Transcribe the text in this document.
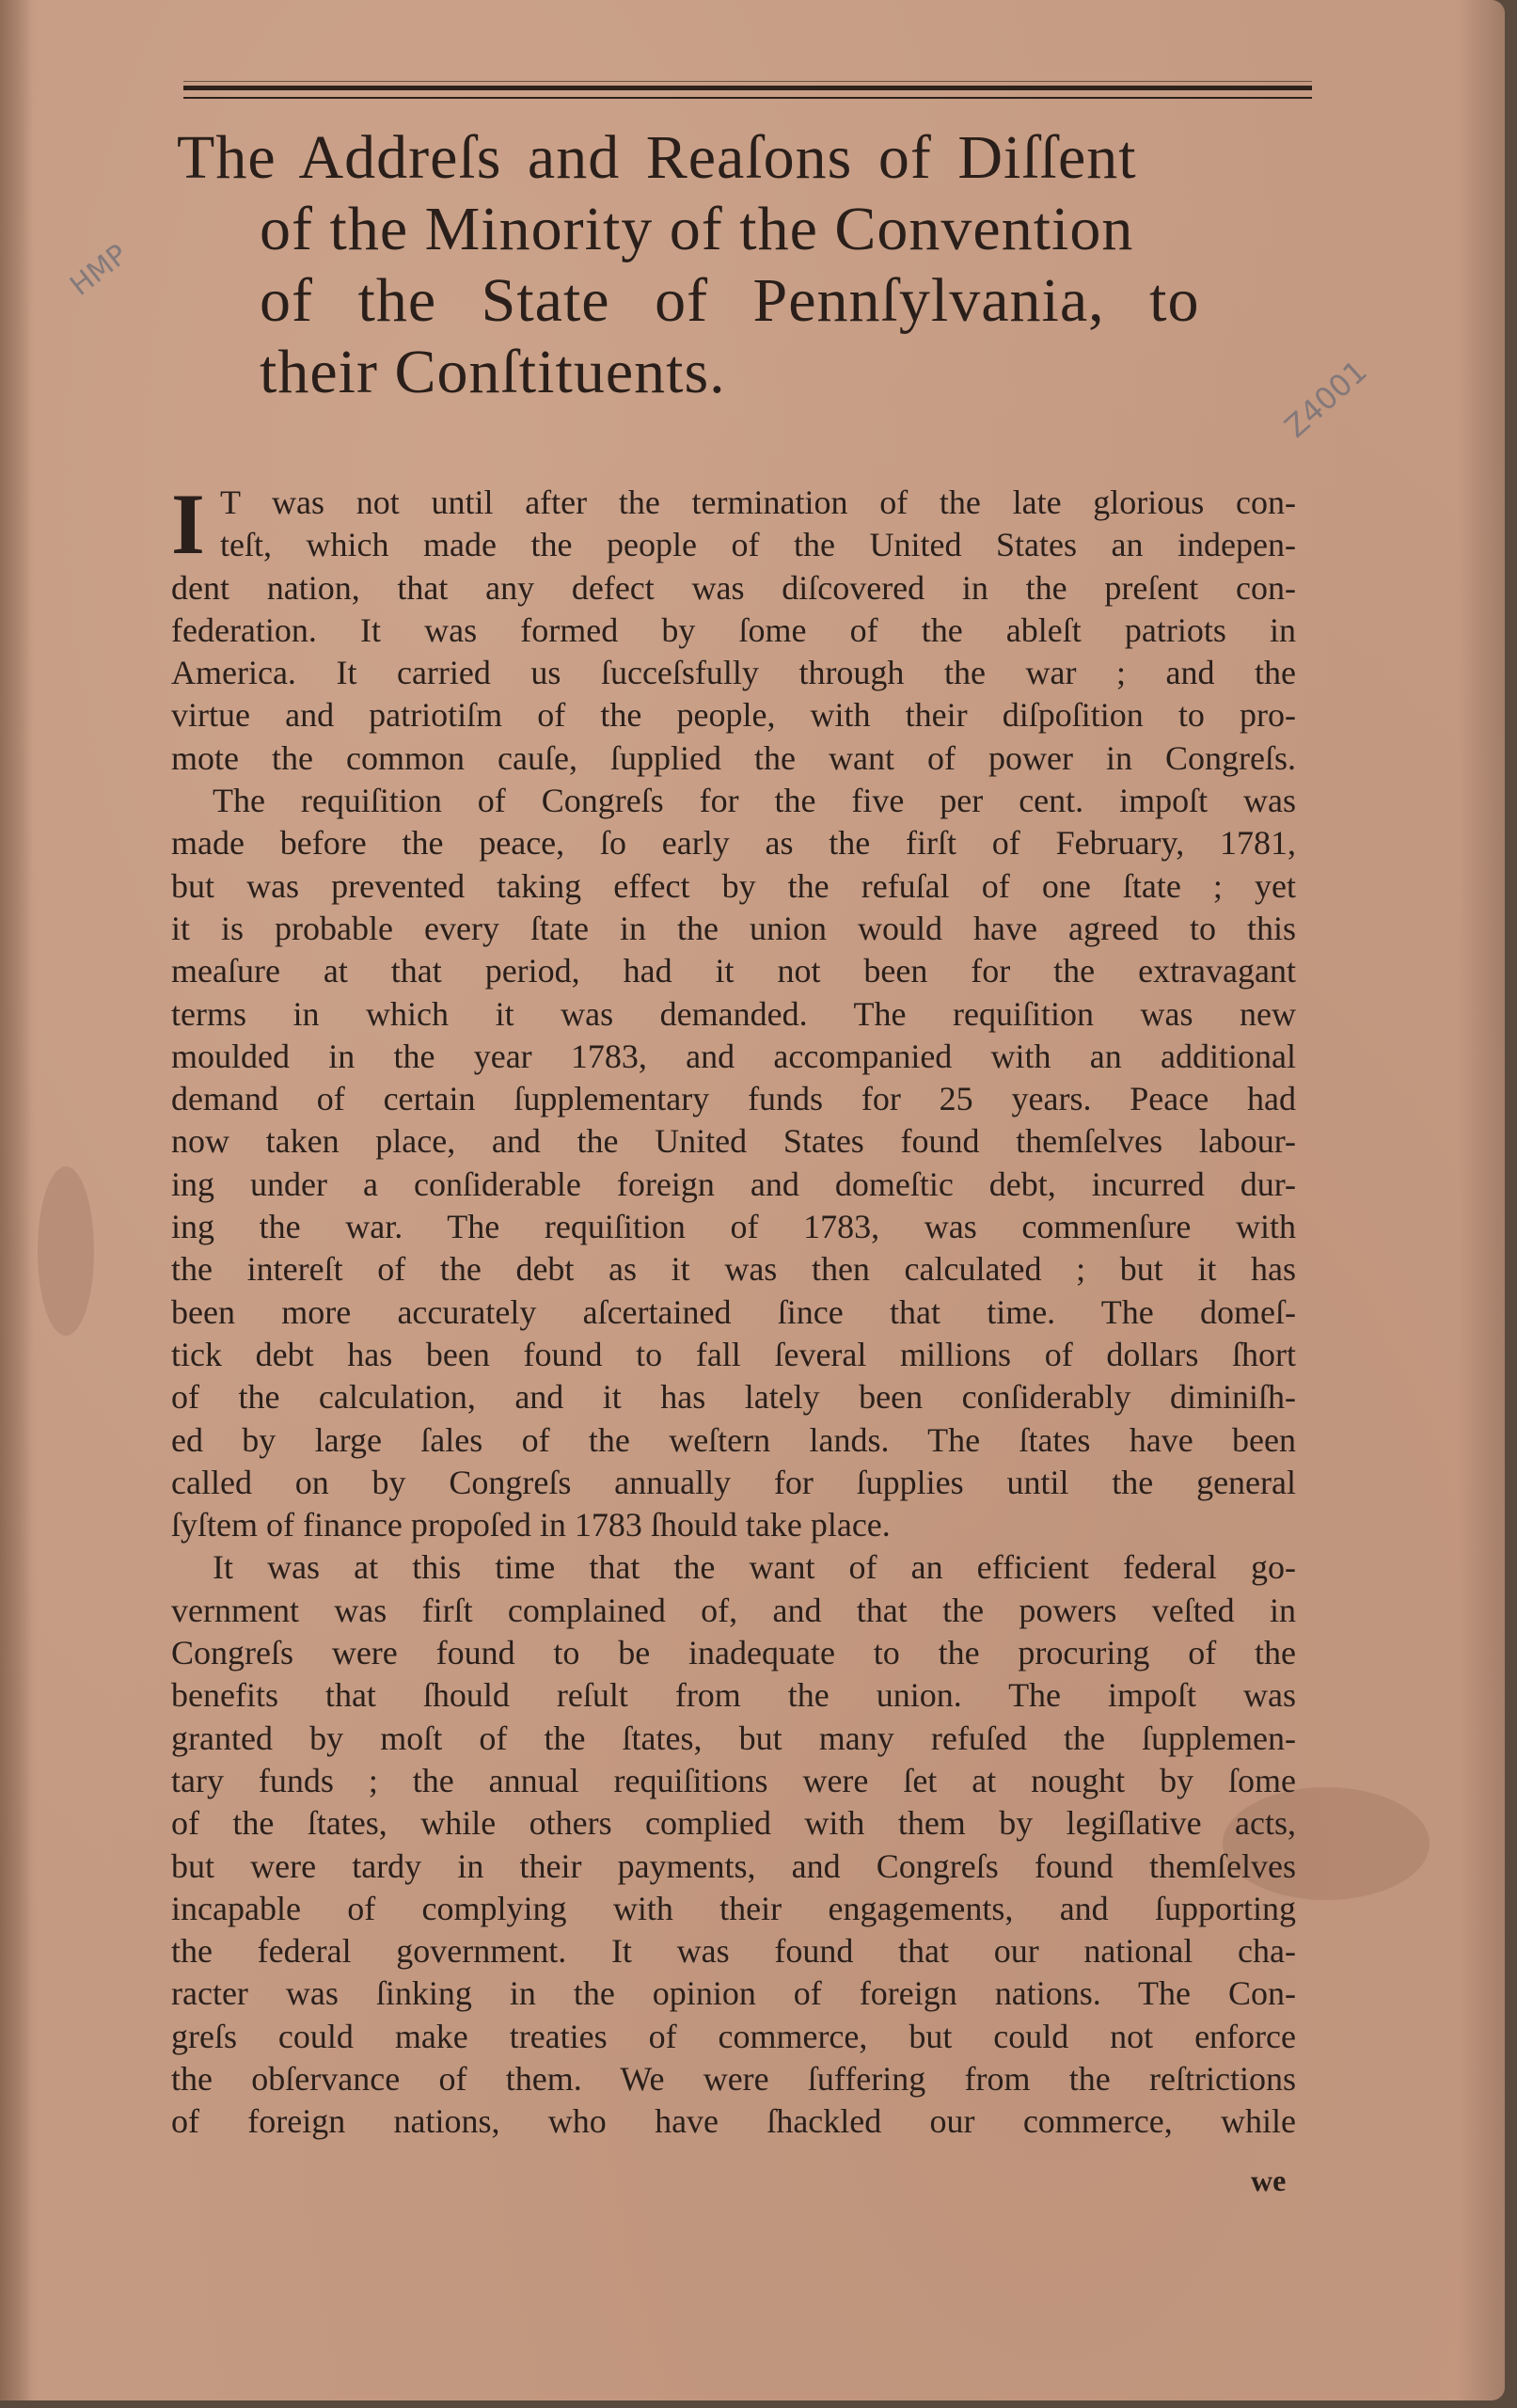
The Addreſs and Reaſons of Diſſent
of the Minority of the Convention
of the State of Pennſylvania, to
their Conſtituents.
HMP
Z4001
I T was not until after the termination of the late glorious con-
teſt, which made the people of the United States an indepen-
dent nation, that any defect was diſcovered in the preſent con-
federation. It was formed by ſome of the ableſt patriots in
America. It carried us ſucceſsfully through the war ; and the
virtue and patriotiſm of the people, with their diſpoſition to pro-
mote the common cauſe, ſupplied the want of power in Congreſs.
The requiſition of Congreſs for the five per cent. impoſt was
made before the peace, ſo early as the firſt of February, 1781,
but was prevented taking effect by the refuſal of one ſtate ; yet
it is probable every ſtate in the union would have agreed to this
meaſure at that period, had it not been for the extravagant
terms in which it was demanded. The requiſition was new
moulded in the year 1783, and accompanied with an additional
demand of certain ſupplementary funds for 25 years. Peace had
now taken place, and the United States found themſelves labour-
ing under a conſiderable foreign and domeſtic debt, incurred dur-
ing the war. The requiſition of 1783, was commenſure with
the intereſt of the debt as it was then calculated ; but it has
been more accurately aſcertained ſince that time. The domeſ-
tick debt has been found to fall ſeveral millions of dollars ſhort
of the calculation, and it has lately been conſiderably diminiſh-
ed by large ſales of the weſtern lands. The ſtates have been
called on by Congreſs annually for ſupplies until the general
ſyſtem of finance propoſed in 1783 ſhould take place.
It was at this time that the want of an efficient federal go-
vernment was firſt complained of, and that the powers veſted in
Congreſs were found to be inadequate to the procuring of the
benefits that ſhould reſult from the union. The impoſt was
granted by moſt of the ſtates, but many refuſed the ſupplemen-
tary funds ; the annual requiſitions were ſet at nought by ſome
of the ſtates, while others complied with them by legiſlative acts,
but were tardy in their payments, and Congreſs found themſelves
incapable of complying with their engagements, and ſupporting
the federal government. It was found that our national cha-
racter was ſinking in the opinion of foreign nations. The Con-
greſs could make treaties of commerce, but could not enforce
the obſervance of them. We were ſuffering from the reſtrictions
of foreign nations, who have ſhackled our commerce, while
we
